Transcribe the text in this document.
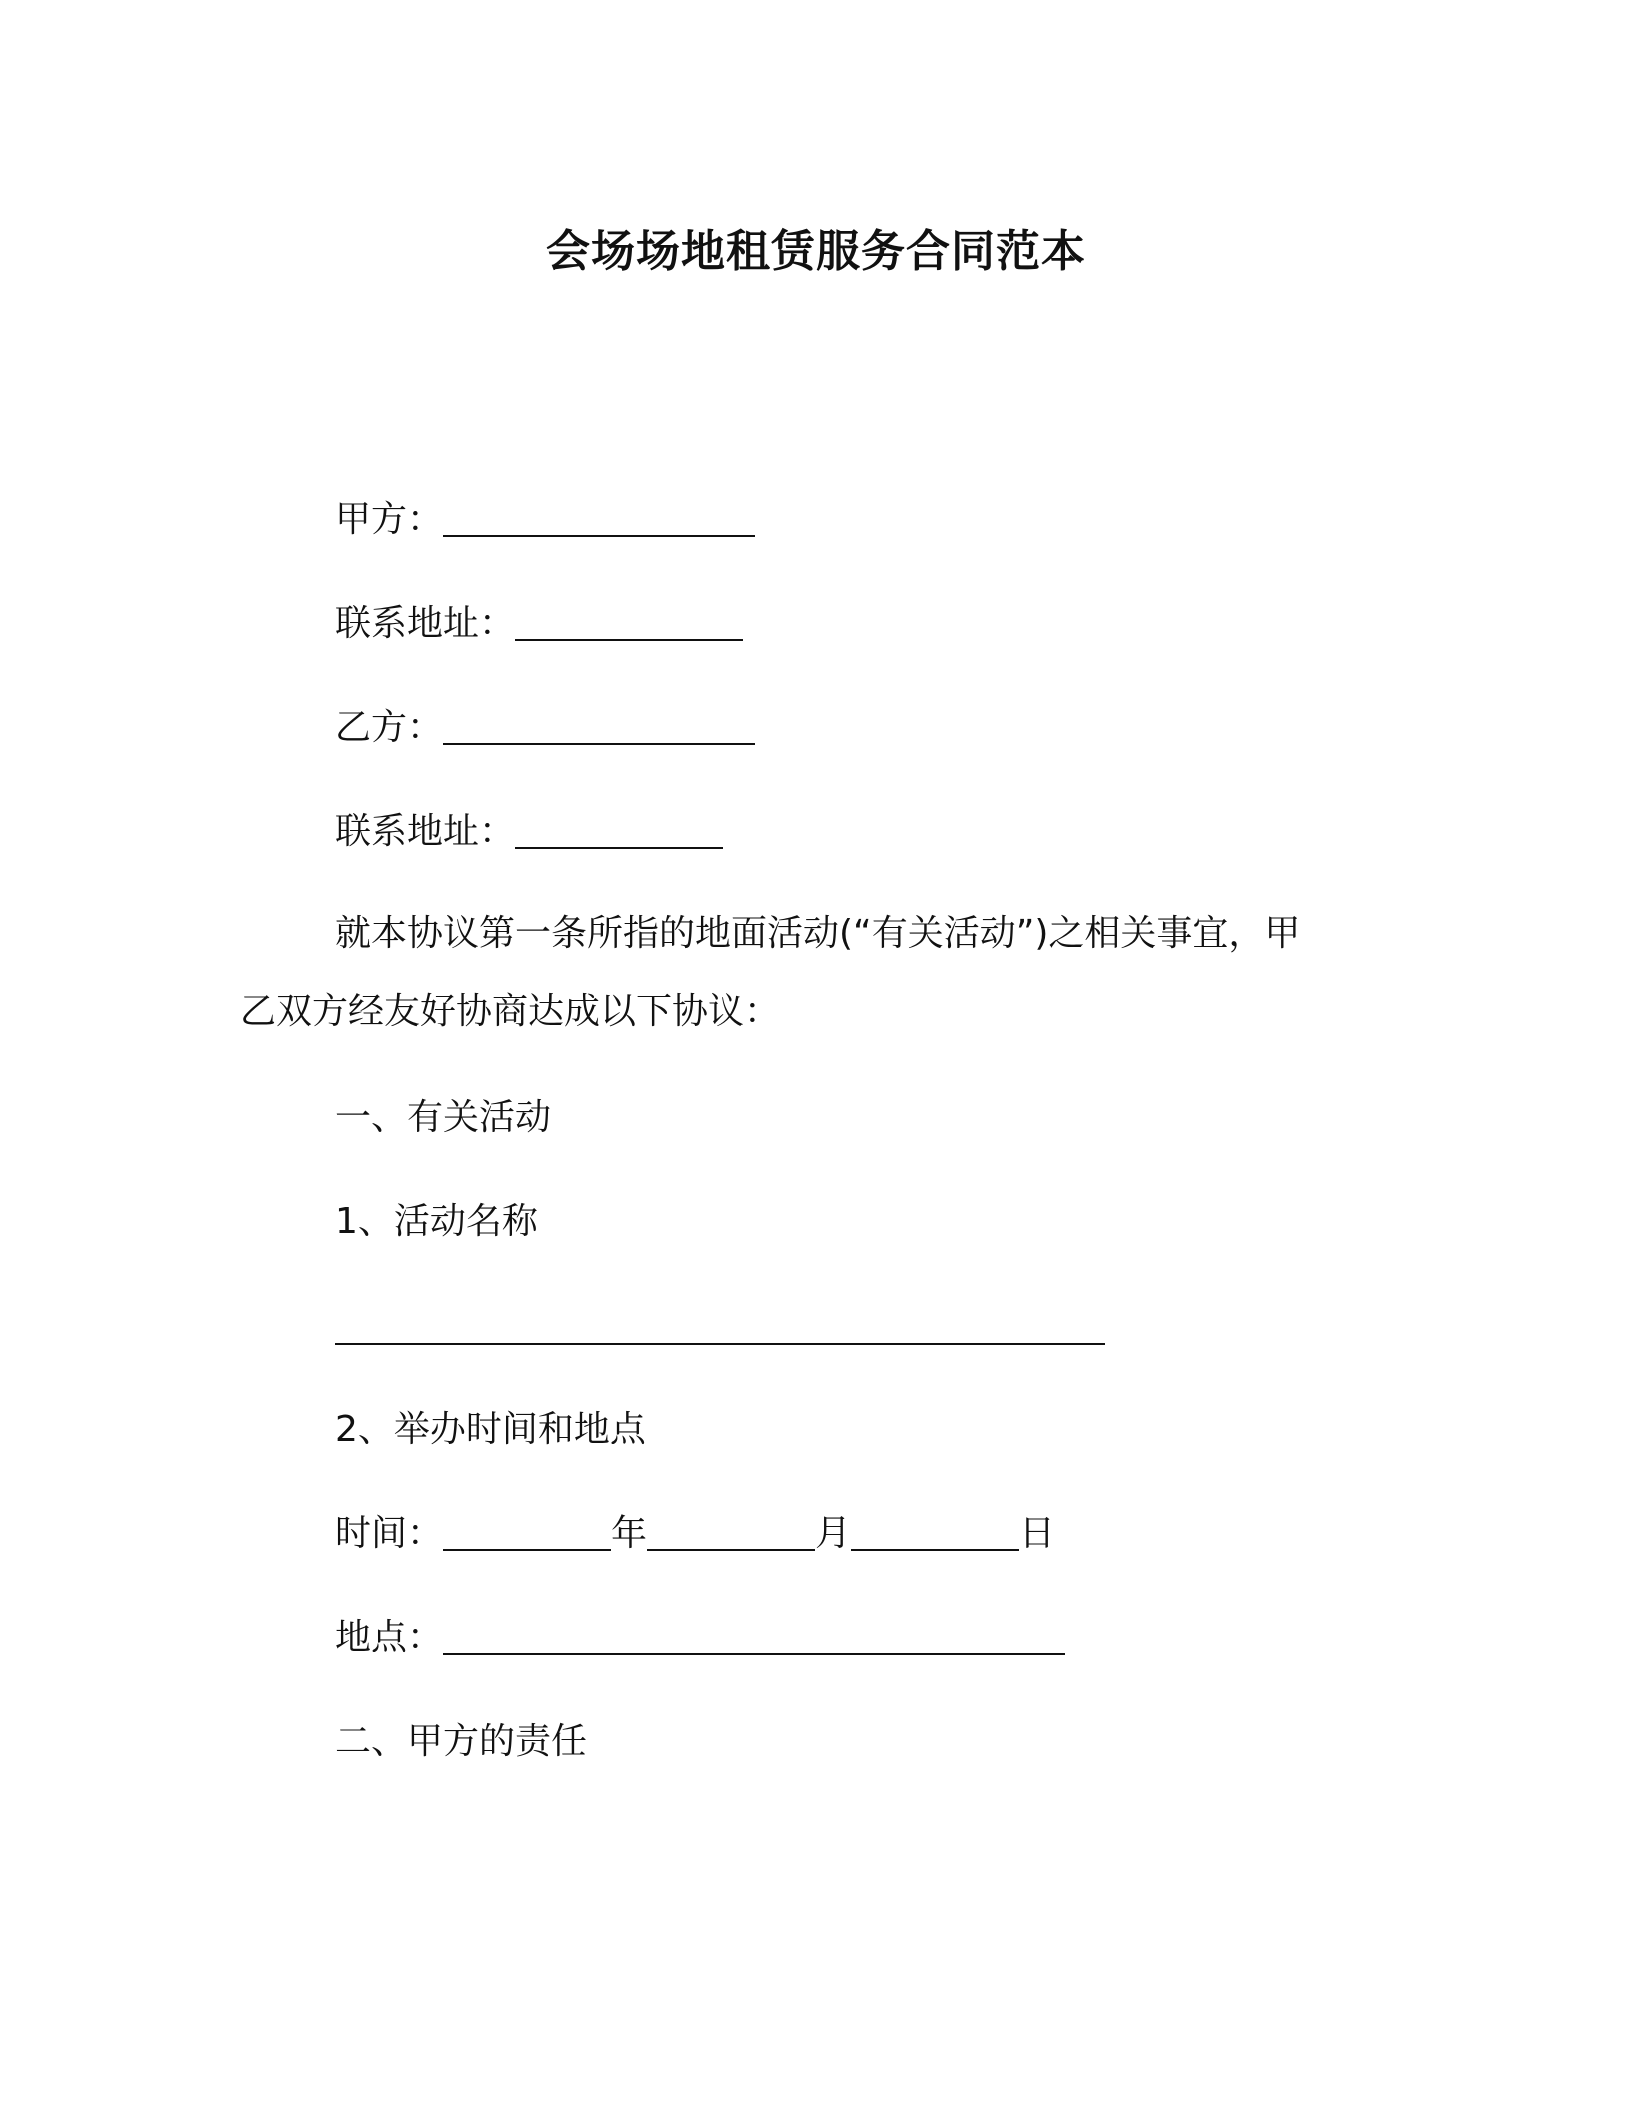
会场场地租赁服务合同范本
甲方：
联系地址：
乙方：
联系地址：
就本协议第一条所指的地面活动(“有关活动”)之相关事宜，甲
乙双方经友好协商达成以下协议：
一、有关活动
1、活动名称
2、举办时间和地点
时间：	年	月	日
地点：
二、甲方的责任
